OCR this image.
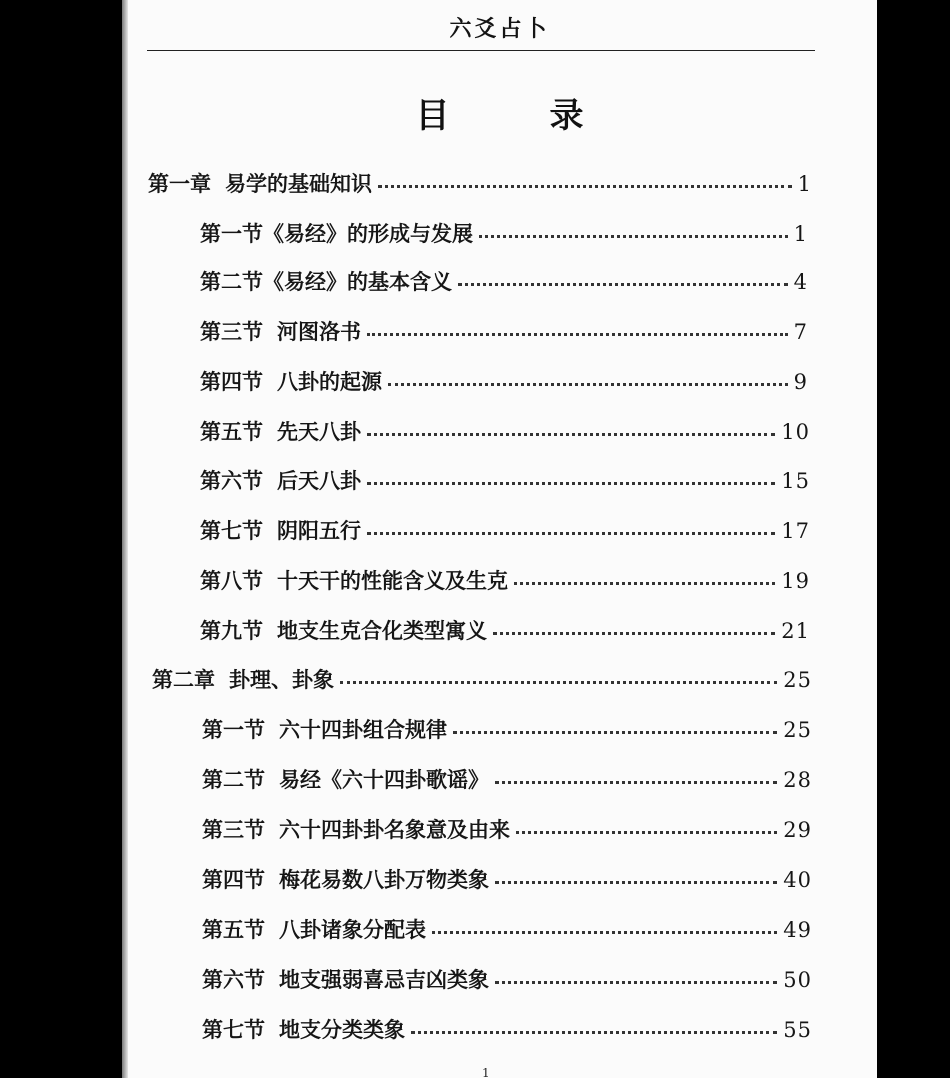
六爻占卜
目	录
第一章 易学的基础知识	1
第一节《易经》的形成与发展	1
第二节《易经》的基本含义	4
第三节 河图洛书	7
第四节 八卦的起源	9
第五节 先天八卦	10
第六节 后天八卦	15
第七节 阴阳五行	17
第八节 十天干的性能含义及生克	19
第九节 地支生克合化类型寓义	21
第二章 卦理、卦象	25
第一节 六十四卦组合规律	25
第二节 易经《六十四卦歌谣》	28
第三节 六十四卦卦名象意及由来	29
第四节 梅花易数八卦万物类象	40
第五节 八卦诸象分配表	49
第六节 地支强弱喜忌吉凶类象	50
第七节 地支分类类象	55
1
